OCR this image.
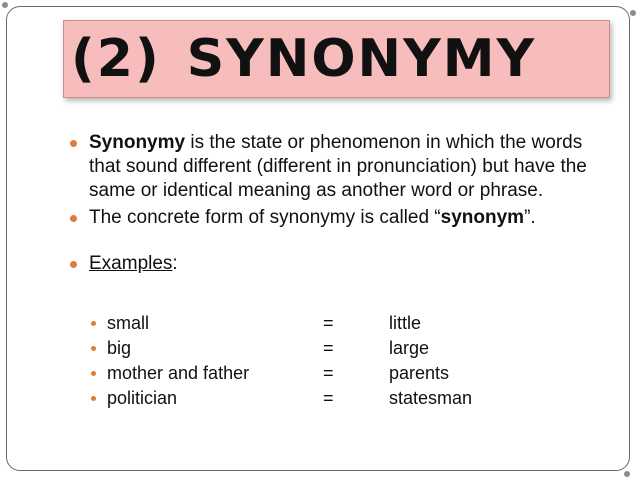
(2) SYNONYMY
Synonymy is the state or phenomenon in which the words that sound different (different in pronunciation) but have the same or identical meaning as another word or phrase.
The concrete form of synonymy is called “synonym”.
Examples:
small	=	little
big	=	large
mother and father	=	parents
politician	=	statesman
